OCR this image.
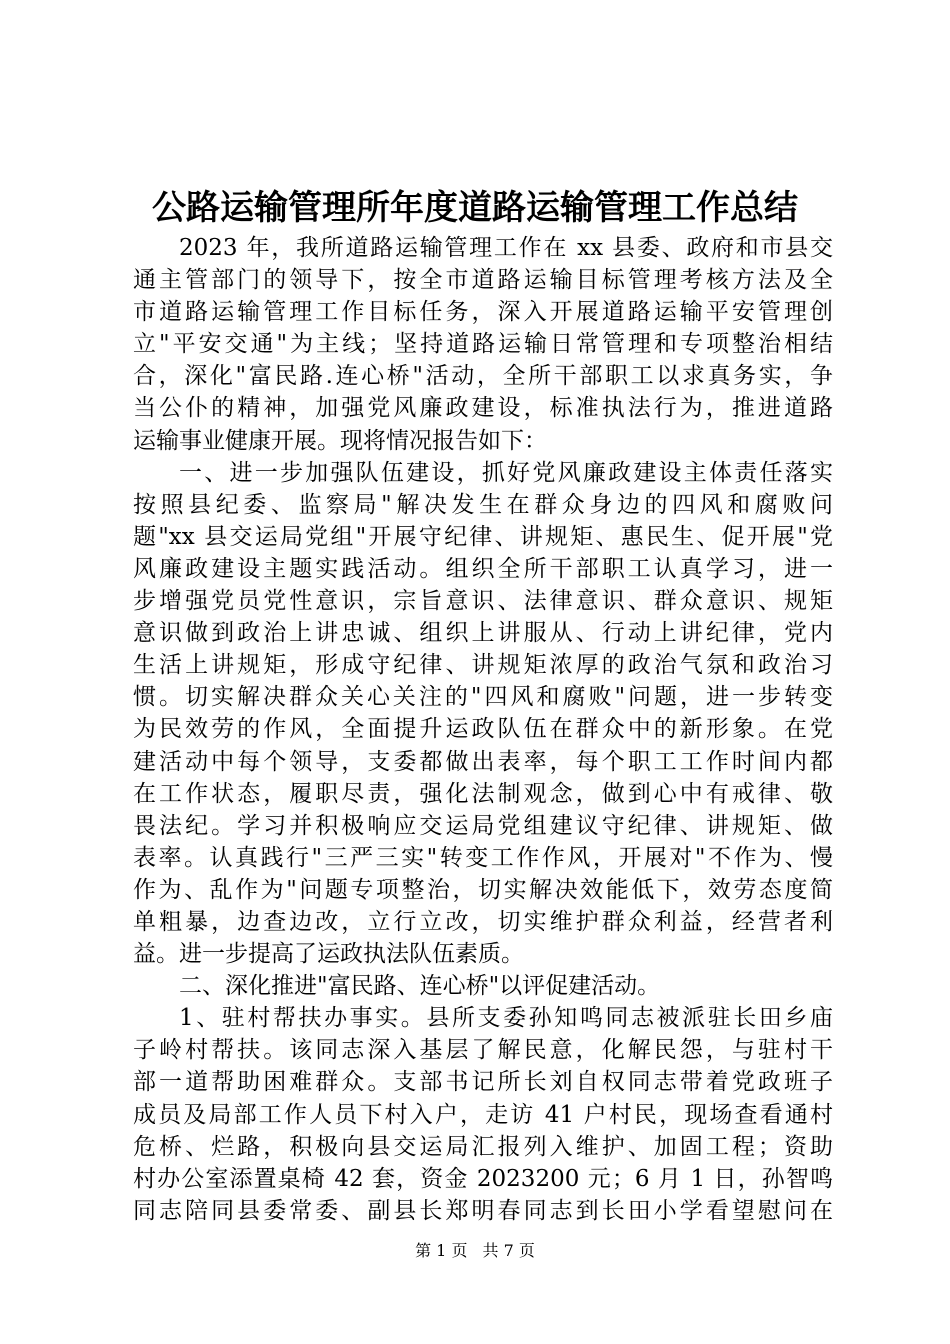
公路运输管理所年度道路运输管理工作总结
2023 年，我所道路运输管理工作在 xx 县委、政府和市县交
通主管部门的领导下，按全市道路运输目标管理考核方法及全
市道路运输管理工作目标任务，深入开展道路运输平安管理创
立"平安交通"为主线；坚持道路运输日常管理和专项整治相结
合，深化"富民路.连心桥"活动，全所干部职工以求真务实，争
当公仆的精神，加强党风廉政建设，标准执法行为，推进道路
运输事业健康开展。现将情况报告如下：
一、进一步加强队伍建设，抓好党风廉政建设主体责任落实
按照县纪委、监察局"解决发生在群众身边的四风和腐败问
题"xx 县交运局党组"开展守纪律、讲规矩、惠民生、促开展"党
风廉政建设主题实践活动。组织全所干部职工认真学习，进一
步增强党员党性意识，宗旨意识、法律意识、群众意识、规矩
意识做到政治上讲忠诚、组织上讲服从、行动上讲纪律，党内
生活上讲规矩，形成守纪律、讲规矩浓厚的政治气氛和政治习
惯。切实解决群众关心关注的"四风和腐败"问题，进一步转变
为民效劳的作风，全面提升运政队伍在群众中的新形象。在党
建活动中每个领导，支委都做出表率，每个职工工作时间内都
在工作状态，履职尽责，强化法制观念，做到心中有戒律、敬
畏法纪。学习并积极响应交运局党组建议守纪律、讲规矩、做
表率。认真践行"三严三实"转变工作作风，开展对"不作为、慢
作为、乱作为"问题专项整治，切实解决效能低下，效劳态度简
单粗暴，边查边改，立行立改，切实维护群众利益，经营者利
益。进一步提高了运政执法队伍素质。
二、深化推进"富民路、连心桥"以评促建活动。
1、驻村帮扶办事实。县所支委孙知鸣同志被派驻长田乡庙
子岭村帮扶。该同志深入基层了解民意，化解民怨，与驻村干
部一道帮助困难群众。支部书记所长刘自权同志带着党政班子
成员及局部工作人员下村入户，走访 41 户村民，现场查看通村
危桥、烂路，积极向县交运局汇报列入维护、加固工程；资助
村办公室添置桌椅 42 套，资金 2023200 元；6 月 1 日，孙智鸣
同志陪同县委常委、副县长郑明春同志到长田小学看望慰问在
第 1 页 共 7 页
